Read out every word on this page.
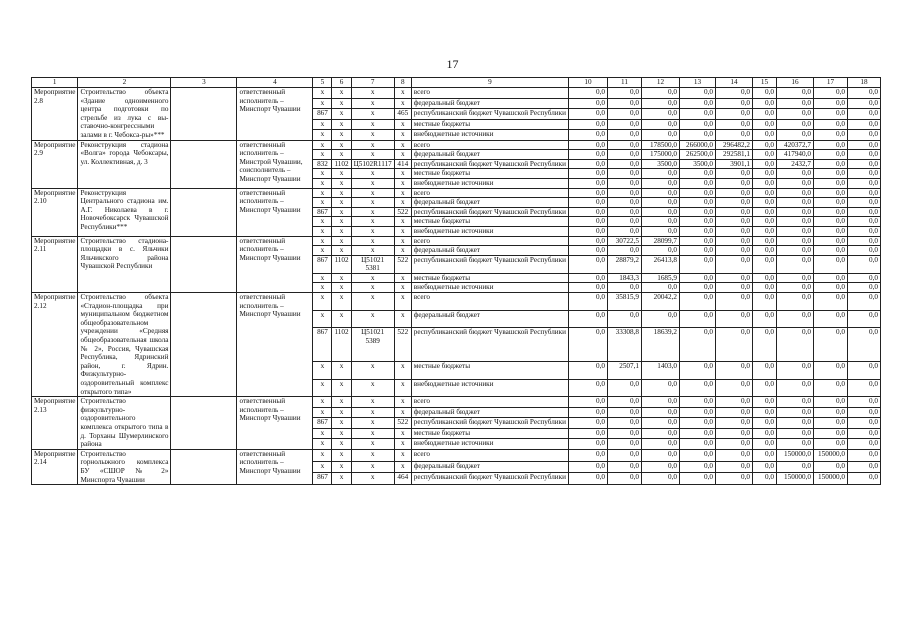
17
1	2	3	4	5	6	7	8	9	10	11	12	13	14	15	16	17	18
Мероприятие 2.8	Строительство объекта «Здание одноименного центра подготовки по стрельбе из лука с вы-ставочно-конгрессными залами в г. Чебокса-ры»***		ответственный исполнитель – Минспорт Чувашии	х	х	х	х	всего	0,0	0,0	0,0	0,0	0,0	0,0	0,0	0,0	0,0
				х	х	х	х	федеральный бюджет	0,0	0,0	0,0	0,0	0,0	0,0	0,0	0,0	0,0
				867	х	х	465	республиканский бюджет Чувашской Республики	0,0	0,0	0,0	0,0	0,0	0,0	0,0	0,0	0,0
				х	х	х	х	местные бюджеты	0,0	0,0	0,0	0,0	0,0	0,0	0,0	0,0	0,0
				х	х	х	х	внебюджетные источники	0,0	0,0	0,0	0,0	0,0	0,0	0,0	0,0	0,0
Мероприятие 2.9	Реконструкция стадиона «Волга» города Чебоксары, ул. Коллективная, д. 3		ответственный исполнитель – Минстрой Чувашии, соисполнитель – Минспорт Чувашии	х	х	х	х	всего	0,0	0,0	178500,0	266000,0	296482,2	0,0	420372,7	0,0	0,0
				х	х	х	х	федеральный бюджет	0,0	0,0	175000,0	262500,0	292581,1	0,0	417940,0	0,0	0,0
				832	1102	Ц5102R1117	414	республиканский бюджет Чувашской Республики	0,0	0,0	3500,0	3500,0	3901,1	0,0	2432,7	0,0	0,0
				х	х	х	х	местные бюджеты	0,0	0,0	0,0	0,0	0,0	0,0	0,0	0,0	0,0
				х	х	х	х	внебюджетные источники	0,0	0,0	0,0	0,0	0,0	0,0	0,0	0,0	0,0
Мероприятие 2.10	Реконструкция Центрального стадиона им. А.Г. Николаева в г. Новочебоксарск Чувашской Республики***		ответственный исполнитель – Минспорт Чувашии	х	х	х	х	всего	0,0	0,0	0,0	0,0	0,0	0,0	0,0	0,0	0,0
				х	х	х	х	федеральный бюджет	0,0	0,0	0,0	0,0	0,0	0,0	0,0	0,0	0,0
				867	х	х	522	республиканский бюджет Чувашской Республики	0,0	0,0	0,0	0,0	0,0	0,0	0,0	0,0	0,0
				х	х	х	х	местные бюджеты	0,0	0,0	0,0	0,0	0,0	0,0	0,0	0,0	0,0
				х	х	х	х	внебюджетные источники	0,0	0,0	0,0	0,0	0,0	0,0	0,0	0,0	0,0
Мероприятие 2.11	Строительство стадиона-площадки в с. Яльчики Яльчикского района Чувашской Республики		ответственный исполнитель – Минспорт Чувашии	х	х	х	х	всего	0,0	30722,5	28099,7	0,0	0,0	0,0	0,0	0,0	0,0
				х	х	х	х	федеральный бюджет	0,0	0,0	0,0	0,0	0,0	0,0	0,0	0,0	0,0
				867	1102	Ц51021 5381	522	республиканский бюджет Чувашской Республики	0,0	28879,2	26413,8	0,0	0,0	0,0	0,0	0,0	0,0
				х	х	х	х	местные бюджеты	0,0	1843,3	1685,9	0,0	0,0	0,0	0,0	0,0	0,0
				х	х	х	х	внебюджетные источники	0,0	0,0	0,0	0,0	0,0	0,0	0,0	0,0	0,0
Мероприятие 2.12	Строительство объекта «Стадион-площадка при муниципальном бюджетном общеобразовательном учреждении «Средняя общеобразовательная школа № 2», Россия, Чувашская Республика, Ядринский район, г. Ядрин. Физкультурно-оздоровительный комплекс открытого типа»		ответственный исполнитель – Минспорт Чувашии	х	х	х	х	всего	0,0	35815,9	20042,2	0,0	0,0	0,0	0,0	0,0	0,0
				х	х	х	х	федеральный бюджет	0,0	0,0	0,0	0,0	0,0	0,0	0,0	0,0	0,0
				867	1102	Ц51021 5389	522	республиканский бюджет Чувашской Республики	0,0	33308,8	18639,2	0,0	0,0	0,0	0,0	0,0	0,0
				х	х	х	х	местные бюджеты	0,0	2507,1	1403,0	0,0	0,0	0,0	0,0	0,0	0,0
				х	х	х	х	внебюджетные источники	0,0	0,0	0,0	0,0	0,0	0,0	0,0	0,0	0,0
Мероприятие 2.13	Строительство физкультурно-оздоровительного комплекса открытого типа в д. Торханы Шумерлинского района		ответственный исполнитель – Минспорт Чувашии	х	х	х	х	всего	0,0	0,0	0,0	0,0	0,0	0,0	0,0	0,0	0,0
				х	х	х	х	федеральный бюджет	0,0	0,0	0,0	0,0	0,0	0,0	0,0	0,0	0,0
				867	х	х	522	республиканский бюджет Чувашской Республики	0,0	0,0	0,0	0,0	0,0	0,0	0,0	0,0	0,0
				х	х	х	х	местные бюджеты	0,0	0,0	0,0	0,0	0,0	0,0	0,0	0,0	0,0
				х	х	х	х	внебюджетные источники	0,0	0,0	0,0	0,0	0,0	0,0	0,0	0,0	0,0
Мероприятие 2.14	Строительство горнолыжного комплекса БУ «СШОР № 2» Минспорта Чувашии		ответственный исполнитель – Минспорт Чувашии	х	х	х	х	всего	0,0	0,0	0,0	0,0	0,0	0,0	150000,0	150000,0	0,0
				х	х	х	х	федеральный бюджет	0,0	0,0	0,0	0,0	0,0	0,0	0,0	0,0	0,0
				867	х	х	464	республиканский бюджет Чувашской Республики	0,0	0,0	0,0	0,0	0,0	0,0	150000,0	150000,0	0,0
